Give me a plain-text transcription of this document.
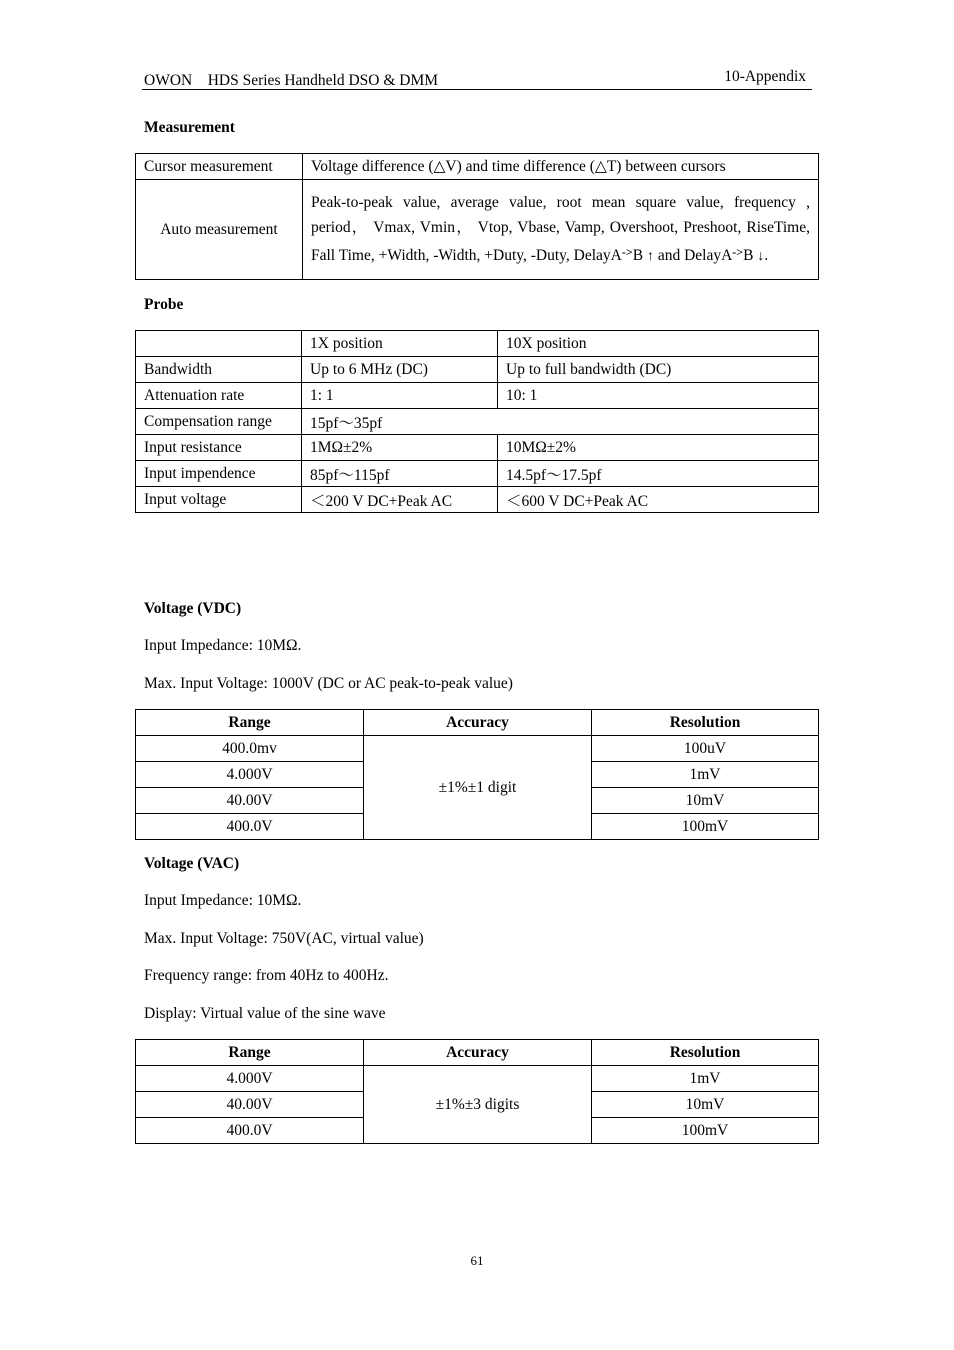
OWON　HDS Series Handheld DSO & DMM	10-Appendix
Measurement
Cursor measurement	Voltage difference (△V) and time difference (△T) between cursors
Auto measurement	Peak-to-peak value, average value, root mean square value, frequency , period， Vmax, Vmin， Vtop, Vbase, Vamp, Overshoot, Preshoot, RiseTime, Fall Time, +Width, -Width, +Duty, -Duty, DelayA->B ↑ and DelayA->B ↓.
Probe
	1X position	10X position
Bandwidth	Up to 6 MHz (DC)	Up to full bandwidth (DC)
Attenuation rate	1: 1	10: 1
Compensation range	15pf～35pf	
Input resistance	1MΩ±2%	10MΩ±2%
Input impendence	85pf～115pf	14.5pf～17.5pf
Input voltage	＜200 V DC+Peak AC	＜600 V DC+Peak AC
Voltage (VDC)
Input Impedance: 10MΩ.
Max. Input Voltage: 1000V (DC or AC peak-to-peak value)
Range	Accuracy	Resolution
400.0mv	±1%±1 digit	100uV
4.000V		1mV
40.00V		10mV
400.0V		100mV
Voltage (VAC)
Input Impedance: 10MΩ.
Max. Input Voltage: 750V(AC, virtual value)
Frequency range: from 40Hz to 400Hz.
Display: Virtual value of the sine wave
Range	Accuracy	Resolution
4.000V	±1%±3 digits	1mV
40.00V		10mV
400.0V		100mV
61
